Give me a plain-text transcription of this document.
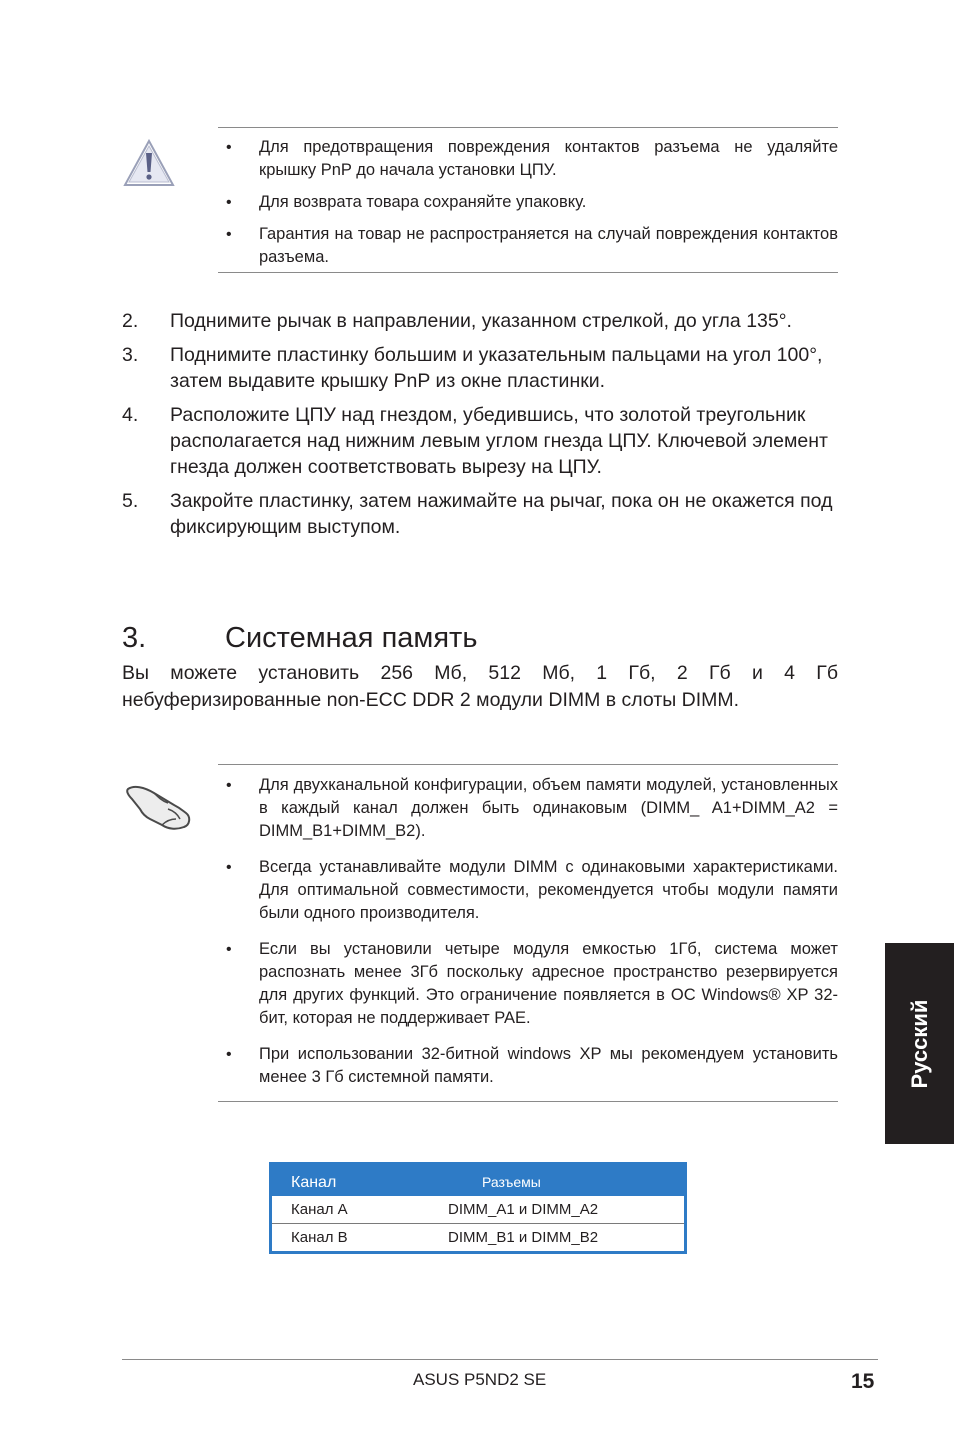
• Для предотвращения повреждения контактов разъема не удаляйте крышку PnP до начала установки ЦПУ.
• Для возврата товара сохраняйте упаковку.
• Гарантия на товар не распространяется на случай повреждения контактов разъема.
2. Поднимите рычак в направлении, указанном стрелкой, до угла 135°.
3. Поднимите пластинку большим и указательным пальцами на угол 100°, затем выдавите крышку PnP из окне пластинки.
4. Расположите ЦПУ над гнездом, убедившись, что золотой треугольник располагается над нижним левым углом гнезда ЦПУ. Ключевой элемент гнезда должен соответствовать вырезу на ЦПУ.
5. Закройте пластинку, затем нажимайте на рычаг, пока он не окажется под фиксирующим выступом.
3.	Системная память
Вы можете установить 256 Мб, 512 Мб, 1 Гб, 2 Гб и 4 Гб
небуферизированные non-ECC DDR 2 модули DIMM в слоты DIMM.
• Для двухканальной конфигурации, объем памяти модулей, установленных в каждый канал должен быть одинаковым (DIMM_ A1+DIMM_A2 = DIMM_B1+DIMM_B2).
• Всегда устанавливайте модули DIMM с одинаковыми характеристиками. Для оптимальной совместимости, рекомендуется чтобы модули памяти были одного производителя.
• Если вы установили четыре модуля емкостью 1Гб, система может распознать менее 3Гб поскольку адресное пространство резервируется для других функций. Это ограничение появляется в ОС Windows® XP 32-бит, которая не поддерживает PAE.
• При использовании 32-битной windows XP мы рекомендуем установить менее 3 Гб системной памяти.
Канал	Разъемы
Канал A	DIMM_A1 и DIMM_A2
Канал B	DIMM_B1 и DIMM_B2
Русский
ASUS P5ND2 SE	15
